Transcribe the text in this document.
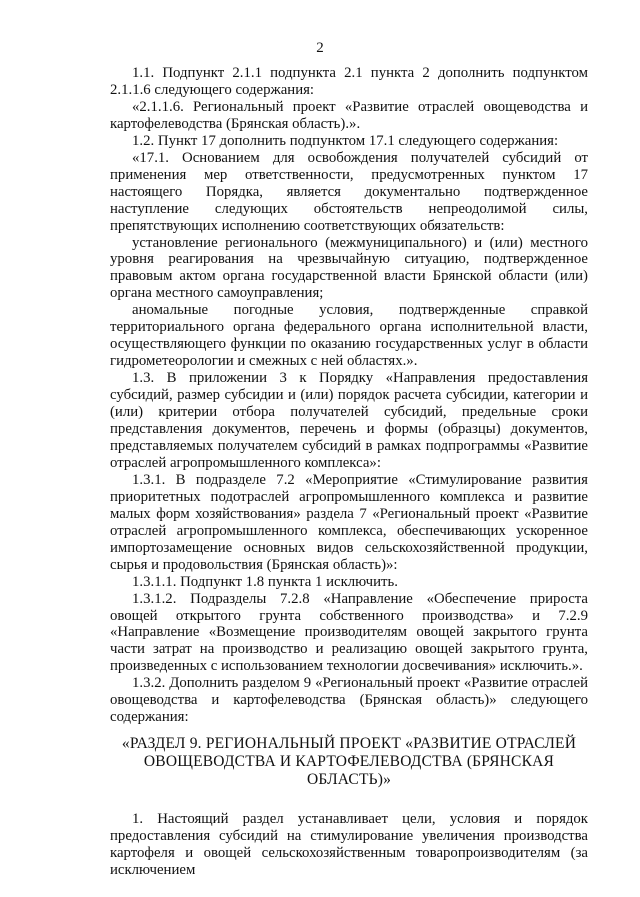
2

1.1. Подпункт 2.1.1 подпункта 2.1 пункта 2 дополнить подпунктом 2.1.1.6 следующего содержания:

«2.1.1.6. Региональный проект «Развитие отраслей овощеводства и картофелеводства (Брянская область).».

1.2. Пункт 17 дополнить подпунктом 17.1 следующего содержания:

«17.1. Основанием для освобождения получателей субсидий от применения мер ответственности, предусмотренных пунктом 17 настоящего Порядка, является документально подтвержденное наступление следующих обстоятельств непреодолимой силы, препятствующих исполнению соответствующих обязательств:

установление регионального (межмуниципального) и (или) местного уровня реагирования на чрезвычайную ситуацию, подтвержденное правовым актом органа государственной власти Брянской области (или) органа местного самоуправления;

аномальные погодные условия, подтвержденные справкой территориального органа федерального органа исполнительной власти, осуществляющего функции по оказанию государственных услуг в области гидрометеорологии и смежных с ней областях.».

1.3. В приложении 3 к Порядку «Направления предоставления субсидий, размер субсидии и (или) порядок расчета субсидии, категории и (или) критерии отбора получателей субсидий, предельные сроки представления документов, перечень и формы (образцы) документов, представляемых получателем субсидий в рамках подпрограммы «Развитие отраслей агропромышленного комплекса»:

1.3.1. В подразделе 7.2 «Мероприятие «Стимулирование развития приоритетных подотраслей агропромышленного комплекса и развитие малых форм хозяйствования» раздела 7 «Региональный проект «Развитие отраслей агропромышленного комплекса, обеспечивающих ускоренное импортозамещение основных видов сельскохозяйственной продукции, сырья и продовольствия (Брянская область)»:

1.3.1.1. Подпункт 1.8 пункта 1 исключить.

1.3.1.2. Подразделы 7.2.8 «Направление «Обеспечение прироста овощей открытого грунта собственного производства» и 7.2.9 «Направление «Возмещение производителям овощей закрытого грунта части затрат на производство и реализацию овощей закрытого грунта, произведенных с использованием технологии досвечивания» исключить.».

1.3.2. Дополнить разделом 9 «Региональный проект «Развитие отраслей овощеводства и картофелеводства (Брянская область)» следующего содержания:

«РАЗДЕЛ 9. РЕГИОНАЛЬНЫЙ ПРОЕКТ «РАЗВИТИЕ ОТРАСЛЕЙ ОВОЩЕВОДСТВА И КАРТОФЕЛЕВОДСТВА (БРЯНСКАЯ ОБЛАСТЬ)»

1. Настоящий раздел устанавливает цели, условия и порядок предоставления субсидий на стимулирование увеличения производства картофеля и овощей сельскохозяйственным товаропроизводителям (за исключением
